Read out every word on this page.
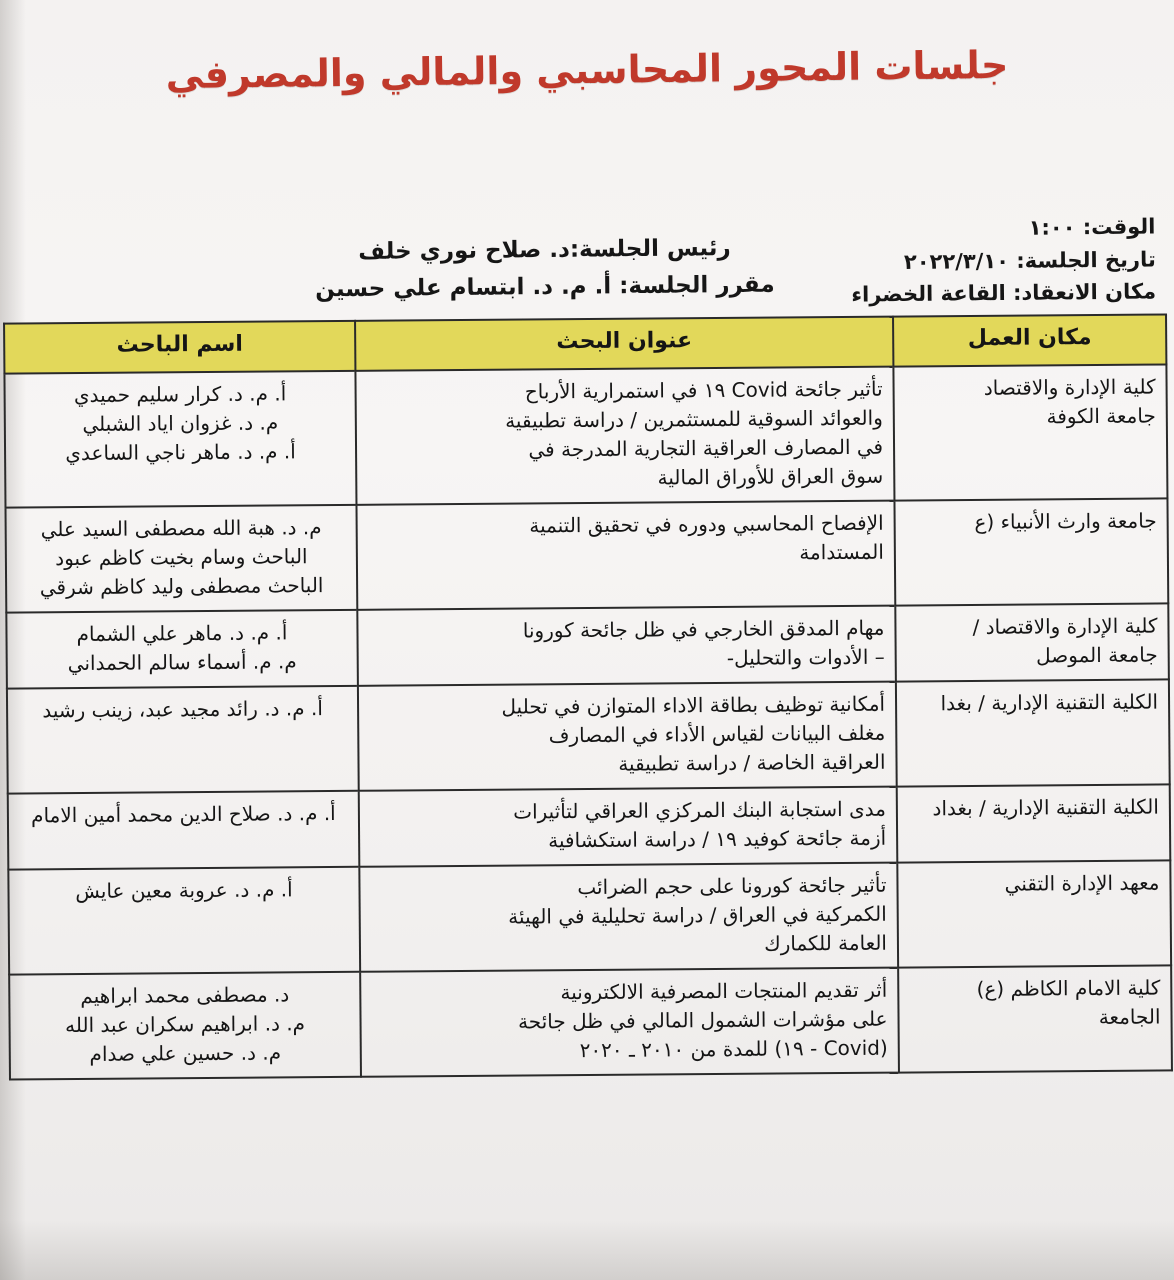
جلسات المحور المحاسبي والمالي والمصرفي
الوقت: ١:٠٠
تاريخ الجلسة: ٢٠٢٢/٣/١٠
مكان الانعقاد: القاعة الخضراء
رئيس الجلسة:د. صلاح نوري خلف
مقرر الجلسة: أ. م. د. ابتسام علي حسين
مكان العمل	عنوان البحث	اسم الباحث

كلية الإدارة والاقتصاد
جامعة الكوفة	تأثير جائحة Covid ١٩ في استمرارية الأرباح
والعوائد السوقية للمستثمرين / دراسة تطبيقية
في المصارف العراقية التجارية المدرجة في
سوق العراق للأوراق المالية	أ. م. د. كرار سليم حميدي
م. د. غزوان اياد الشبلي
أ. م. د. ماهر ناجي الساعدي

جامعة وارث الأنبياء (ع	الإفصاح المحاسبي ودوره في تحقيق التنمية
المستدامة	م. د. هبة الله مصطفى السيد علي
الباحث وسام بخيت كاظم عبود
الباحث مصطفى وليد كاظم شرقي

كلية الإدارة والاقتصاد /
جامعة الموصل	مهام المدقق الخارجي في ظل جائحة كورونا
– الأدوات والتحليل-	أ. م. د. ماهر علي الشمام
م. م. أسماء سالم الحمداني

الكلية التقنية الإدارية / بغدا	أمكانية توظيف بطاقة الاداء المتوازن في تحليل
مغلف البيانات لقياس الأداء في المصارف
العراقية الخاصة / دراسة تطبيقية	أ. م. د. رائد مجيد عبد، زينب رشيد

الكلية التقنية الإدارية / بغداد	مدى استجابة البنك المركزي العراقي لتأثيرات
أزمة جائحة كوفيد ١٩ / دراسة استكشافية	أ. م. د. صلاح الدين محمد أمين الامام

معهد الإدارة التقني	تأثير جائحة كورونا على حجم الضرائب
الكمركية في العراق / دراسة تحليلية في الهيئة
العامة للكمارك	أ. م. د. عروبة معين عايش

كلية الامام الكاظم (ع)
الجامعة	أثر تقديم المنتجات المصرفية الالكترونية
على مؤشرات الشمول المالي في ظل جائحة
(Covid - ١٩) للمدة من ٢٠١٠ ـ ٢٠٢٠	د. مصطفى محمد ابراهيم
م. د. ابراهيم سكران عبد الله
م. د. حسين علي صدام
